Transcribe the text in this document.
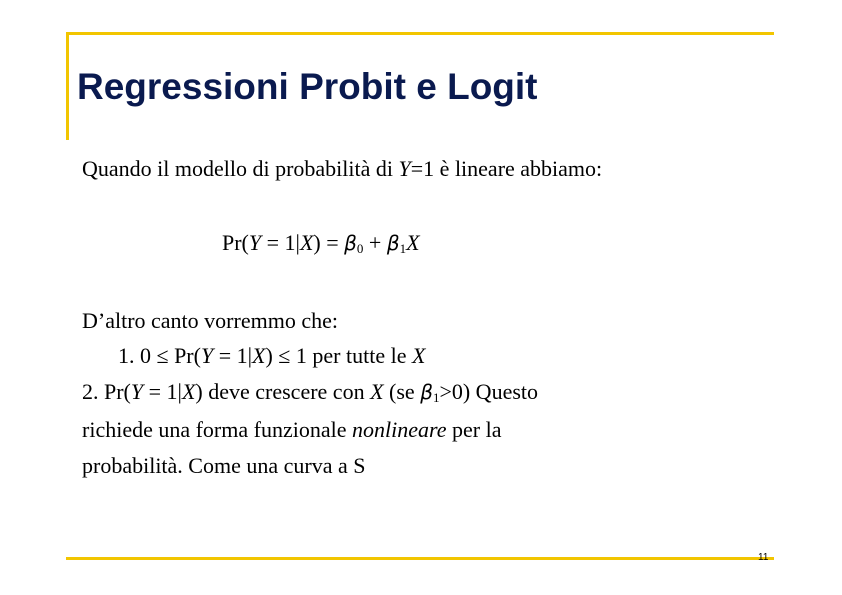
Regressioni Probit e Logit
Quando il modello di probabilità di Y=1 è lineare abbiamo:
$Pr(Y = 1|X) = \beta_0 + \beta_1X$
D’altro canto vorremmo che:
1. 0 ≤ Pr(Y = 1|X) ≤ 1 per tutte le X
2. Pr(Y = 1|X) deve crescere con X (se $\beta_1>0$) Questo
richiede una forma funzionale nonlineare per la
probabilità. Come una curva a S
11
